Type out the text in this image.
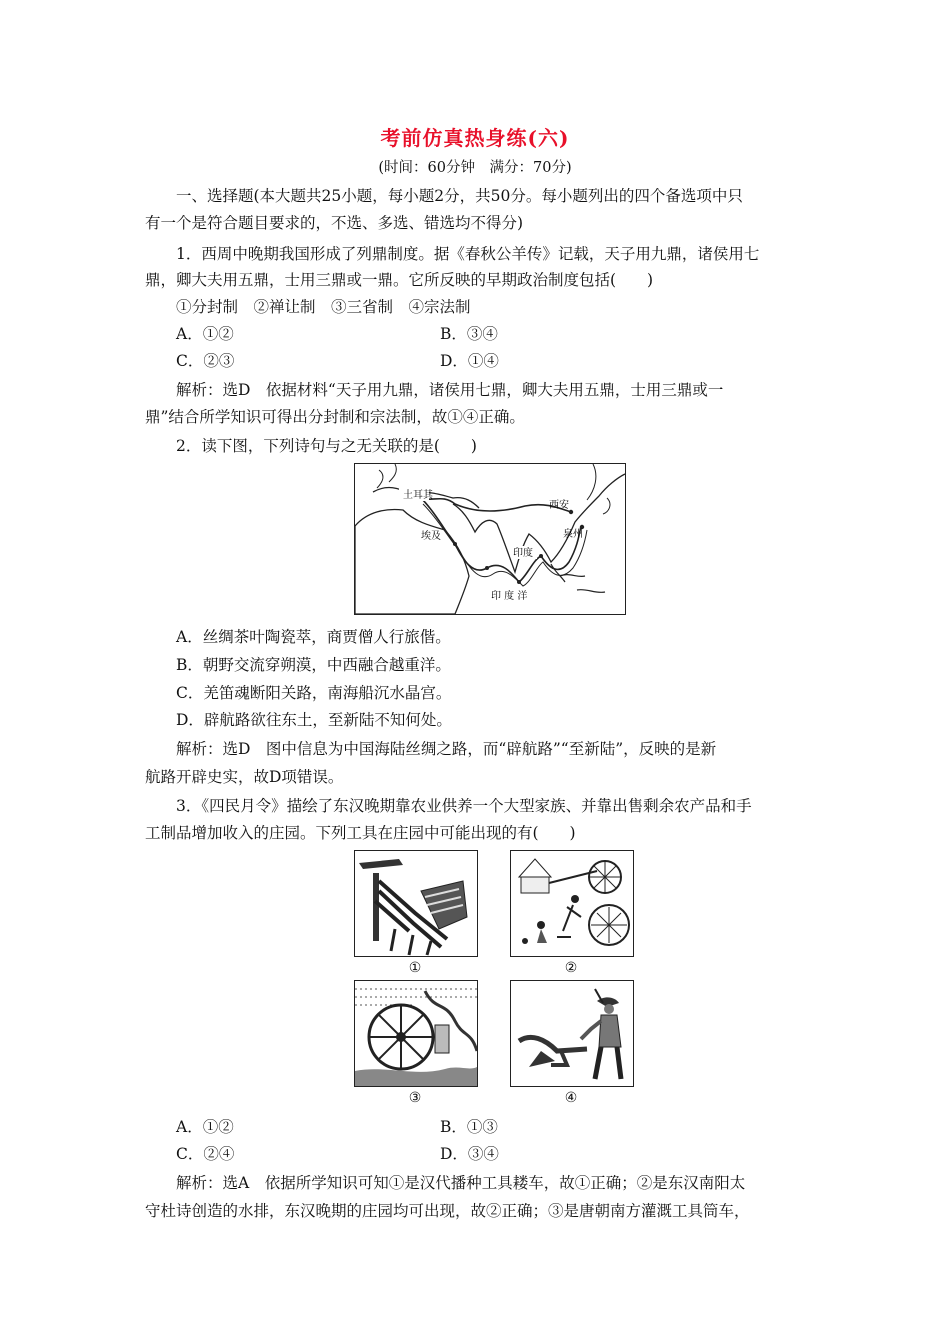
考前仿真热身练(六)
(时间：60分钟　满分：70分)
一、选择题(本大题共25小题，每小题2分，共50分。每小题列出的四个备选项中只
有一个是符合题目要求的，不选、多选、错选均不得分)
1．西周中晚期我国形成了列鼎制度。据《春秋公羊传》记载，天子用九鼎，诸侯用七
鼎，卿大夫用五鼎，士用三鼎或一鼎。它所反映的早期政治制度包括(　　)
①分封制　②禅让制　③三省制　④宗法制
A．①②	B．③④
C．②③	D．①④
解析：选D　依据材料“天子用九鼎，诸侯用七鼎，卿大夫用五鼎，士用三鼎或一
鼎”结合所学知识可得出分封制和宗法制，故①④正确。
2．读下图，下列诗句与之无关联的是(　　)
土耳其
西安
埃及
印度
泉州
印 度 洋
A．丝绸茶叶陶瓷萃，商贾僧人行旅偕。
B．朝野交流穿朔漠，中西融合越重洋。
C．羌笛魂断阳关路，南海船沉水晶宫。
D．辟航路欲往东土，至新陆不知何处。
解析：选D　图中信息为中国海陆丝绸之路，而“辟航路”“至新陆”，反映的是新
航路开辟史实，故D项错误。
3．《四民月令》描绘了东汉晚期靠农业供养一个大型家族、并靠出售剩余农产品和手
工制品增加收入的庄园。下列工具在庄园中可能出现的有(　　)
①	②
③	④
A．①②	B．①③
C．②④	D．③④
解析：选A　依据所学知识可知①是汉代播种工具耧车，故①正确；②是东汉南阳太
守杜诗创造的水排，东汉晚期的庄园均可出现，故②正确；③是唐朝南方灌溉工具筒车，
